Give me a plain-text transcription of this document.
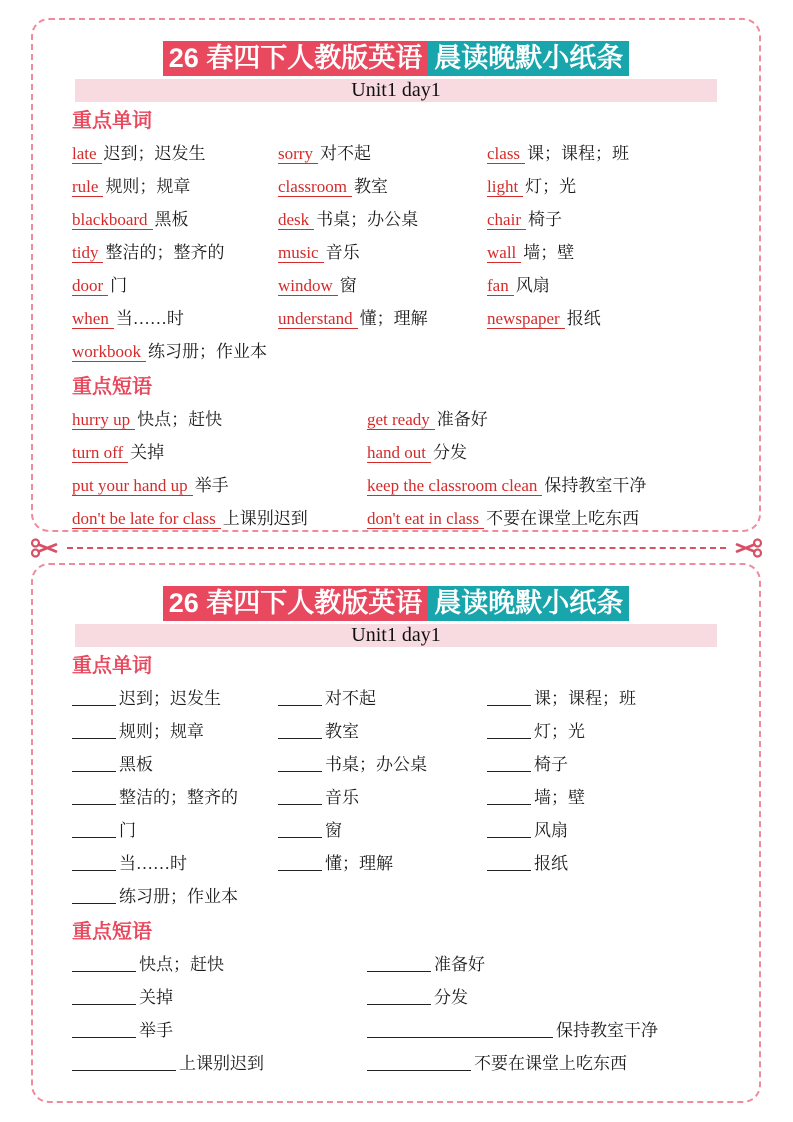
26 春四下人教版英语 晨读晚默小纸条
Unit1 day1
重点单词
late 迟到；迟发生	sorry 对不起	class 课；课程；班
rule 规则；规章	classroom 教室	light 灯；光
blackboard 黑板	desk 书桌；办公桌	chair 椅子
tidy 整洁的；整齐的	music 音乐	wall 墙；壁
door 门	window 窗	fan 风扇
when 当……时	understand 懂；理解	newspaper 报纸
workbook 练习册；作业本
重点短语
hurry up 快点；赶快	get ready 准备好
turn off 关掉	hand out 分发
put your hand up 举手	keep the classroom clean 保持教室干净
don't be late for class 上课别迟到	don't eat in class 不要在课堂上吃东西
26 春四下人教版英语 晨读晚默小纸条
Unit1 day1
重点单词
迟到；迟发生	对不起	课；课程；班
规则；规章	教室	灯；光
黑板	书桌；办公桌	椅子
整洁的；整齐的	音乐	墙；壁
门	窗	风扇
当……时	懂；理解	报纸
练习册；作业本
重点短语
快点；赶快	准备好
关掉	分发
举手	保持教室干净
上课别迟到	不要在课堂上吃东西
